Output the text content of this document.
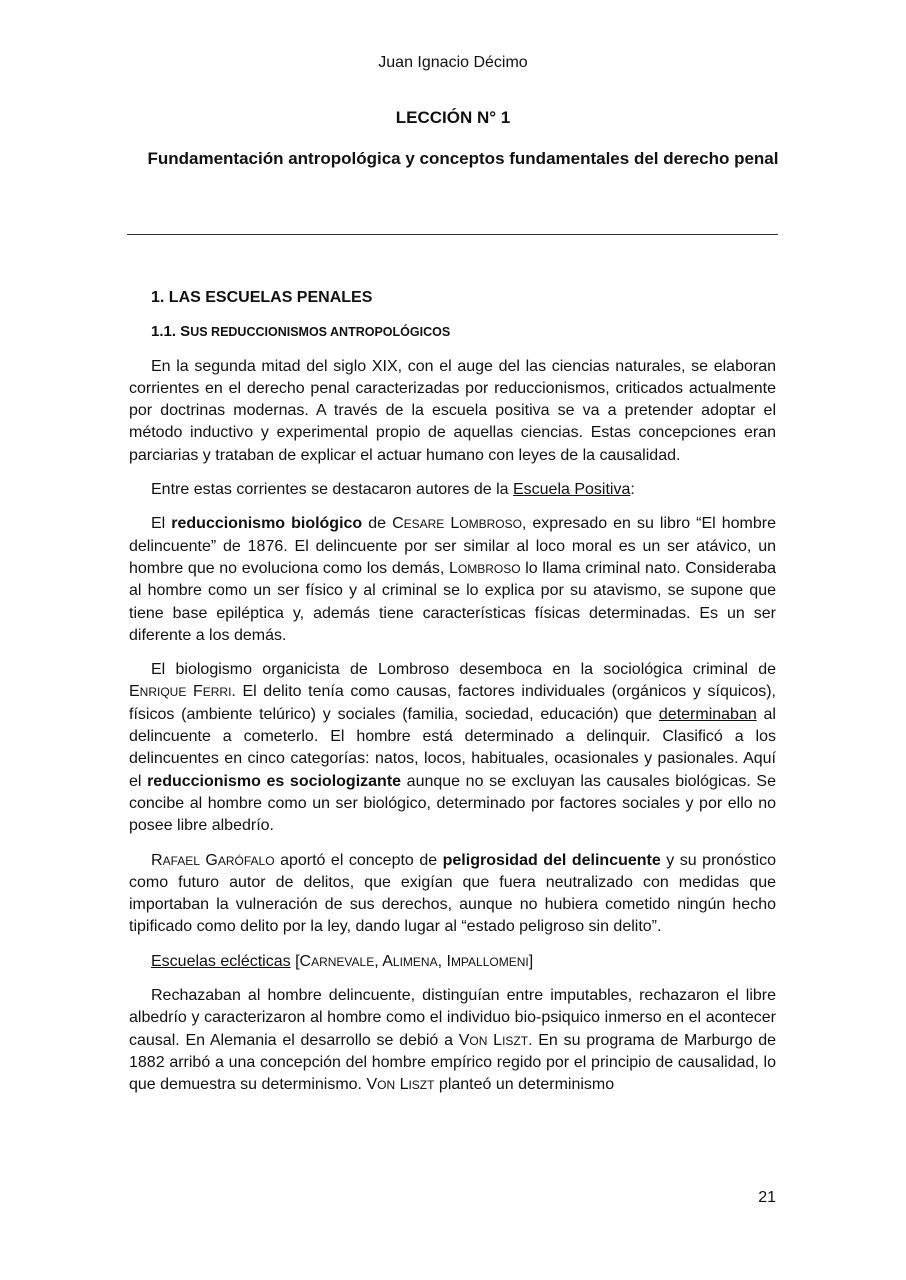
Juan Ignacio Décimo
LECCIÓN N° 1
Fundamentación antropológica y conceptos fundamentales del derecho penal
1. LAS ESCUELAS PENALES
1.1. SUS REDUCCIONISMOS ANTROPOLÓGICOS

En la segunda mitad del siglo XIX, con el auge del las ciencias naturales, se elaboran corrientes en el derecho penal caracterizadas por reduccionismos, criticados actualmente por doctrinas modernas. A través de la escuela positiva se va a pretender adoptar el método inductivo y experimental propio de aquellas ciencias. Estas concepciones eran parciarias y trataban de explicar el actuar humano con leyes de la causalidad.

Entre estas corrientes se destacaron autores de la Escuela Positiva:

El reduccionismo biológico de CESARE LOMBROSO, expresado en su libro “El hombre delincuente” de 1876. El delincuente por ser similar al loco moral es un ser atávico, un hombre que no evoluciona como los demás, LOMBROSO lo llama criminal nato. Consideraba al hombre como un ser físico y al criminal se lo explica por su atavismo, se supone que tiene base epiléptica y, además tiene características físicas determinadas. Es un ser diferente a los demás.

El biologismo organicista de Lombroso desemboca en la sociológica criminal de ENRIQUE FERRI. El delito tenía como causas, factores individuales (orgánicos y síquicos), físicos (ambiente telúrico) y sociales (familia, sociedad, educación) que determinaban al delincuente a cometerlo. El hombre está determinado a delinquir. Clasificó a los delincuentes en cinco categorías: natos, locos, habituales, ocasionales y pasionales. Aquí el reduccionismo es sociologizante aunque no se excluyan las causales biológicas. Se concibe al hombre como un ser biológico, determinado por factores sociales y por ello no posee libre albedrío.

RAFAEL GARÓFALO aportó el concepto de peligrosidad del delincuente y su pronóstico como futuro autor de delitos, que exigían que fuera neutralizado con medidas que importaban la vulneración de sus derechos, aunque no hubiera cometido ningún hecho tipificado como delito por la ley, dando lugar al “estado peligroso sin delito”.

Escuelas eclécticas [CARNEVALE, ALIMENA, IMPALLOMENI]

Rechazaban al hombre delincuente, distinguían entre imputables, rechazaron el libre albedrío y caracterizaron al hombre como el individuo bio-psiquico inmerso en el acontecer causal. En Alemania el desarrollo se debió a VON LISZT. En su programa de Marburgo de 1882 arribó a una concepción del hombre empírico regido por el principio de causalidad, lo que demuestra su determinismo. VON LISZT planteó un determinismo

21
